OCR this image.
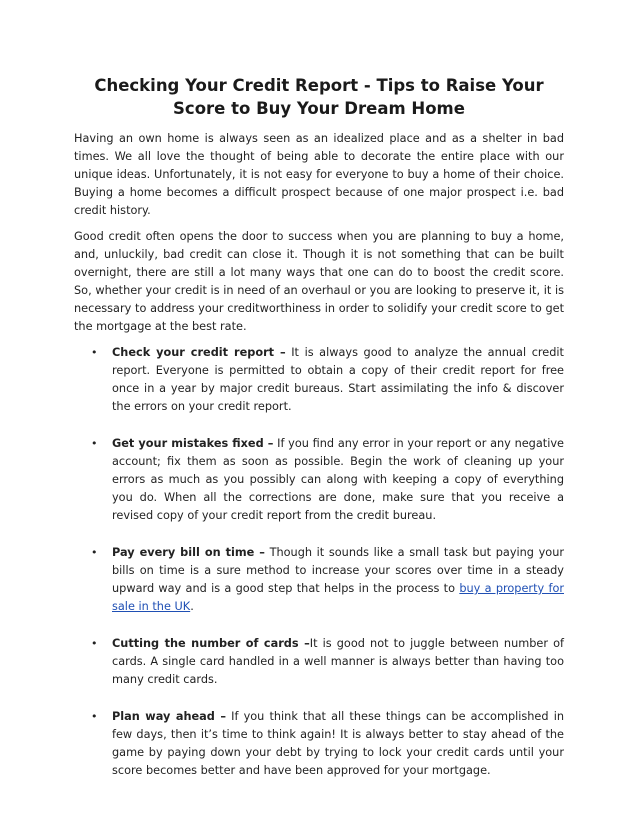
Checking Your Credit Report - Tips to Raise Your Score to Buy Your Dream Home

Having an own home is always seen as an idealized place and as a shelter in bad times. We all love the thought of being able to decorate the entire place with our unique ideas. Unfortunately, it is not easy for everyone to buy a home of their choice. Buying a home becomes a difficult prospect because of one major prospect i.e. bad credit history.

Good credit often opens the door to success when you are planning to buy a home, and, unluckily, bad credit can close it. Though it is not something that can be built overnight, there are still a lot many ways that one can do to boost the credit score. So, whether your credit is in need of an overhaul or you are looking to preserve it, it is necessary to address your creditworthiness in order to solidify your credit score to get the mortgage at the best rate.

• Check your credit report – It is always good to analyze the annual credit report. Everyone is permitted to obtain a copy of their credit report for free once in a year by major credit bureaus. Start assimilating the info & discover the errors on your credit report.
• Get your mistakes fixed – If you find any error in your report or any negative account; fix them as soon as possible. Begin the work of cleaning up your errors as much as you possibly can along with keeping a copy of everything you do. When all the corrections are done, make sure that you receive a revised copy of your credit report from the credit bureau.
• Pay every bill on time – Though it sounds like a small task but paying your bills on time is a sure method to increase your scores over time in a steady upward way and is a good step that helps in the process to buy a property for sale in the UK.
• Cutting the number of cards –It is good not to juggle between number of cards. A single card handled in a well manner is always better than having too many credit cards.
• Plan way ahead – If you think that all these things can be accomplished in few days, then it’s time to think again! It is always better to stay ahead of the game by paying down your debt by trying to lock your credit cards until your score becomes better and have been approved for your mortgage.
